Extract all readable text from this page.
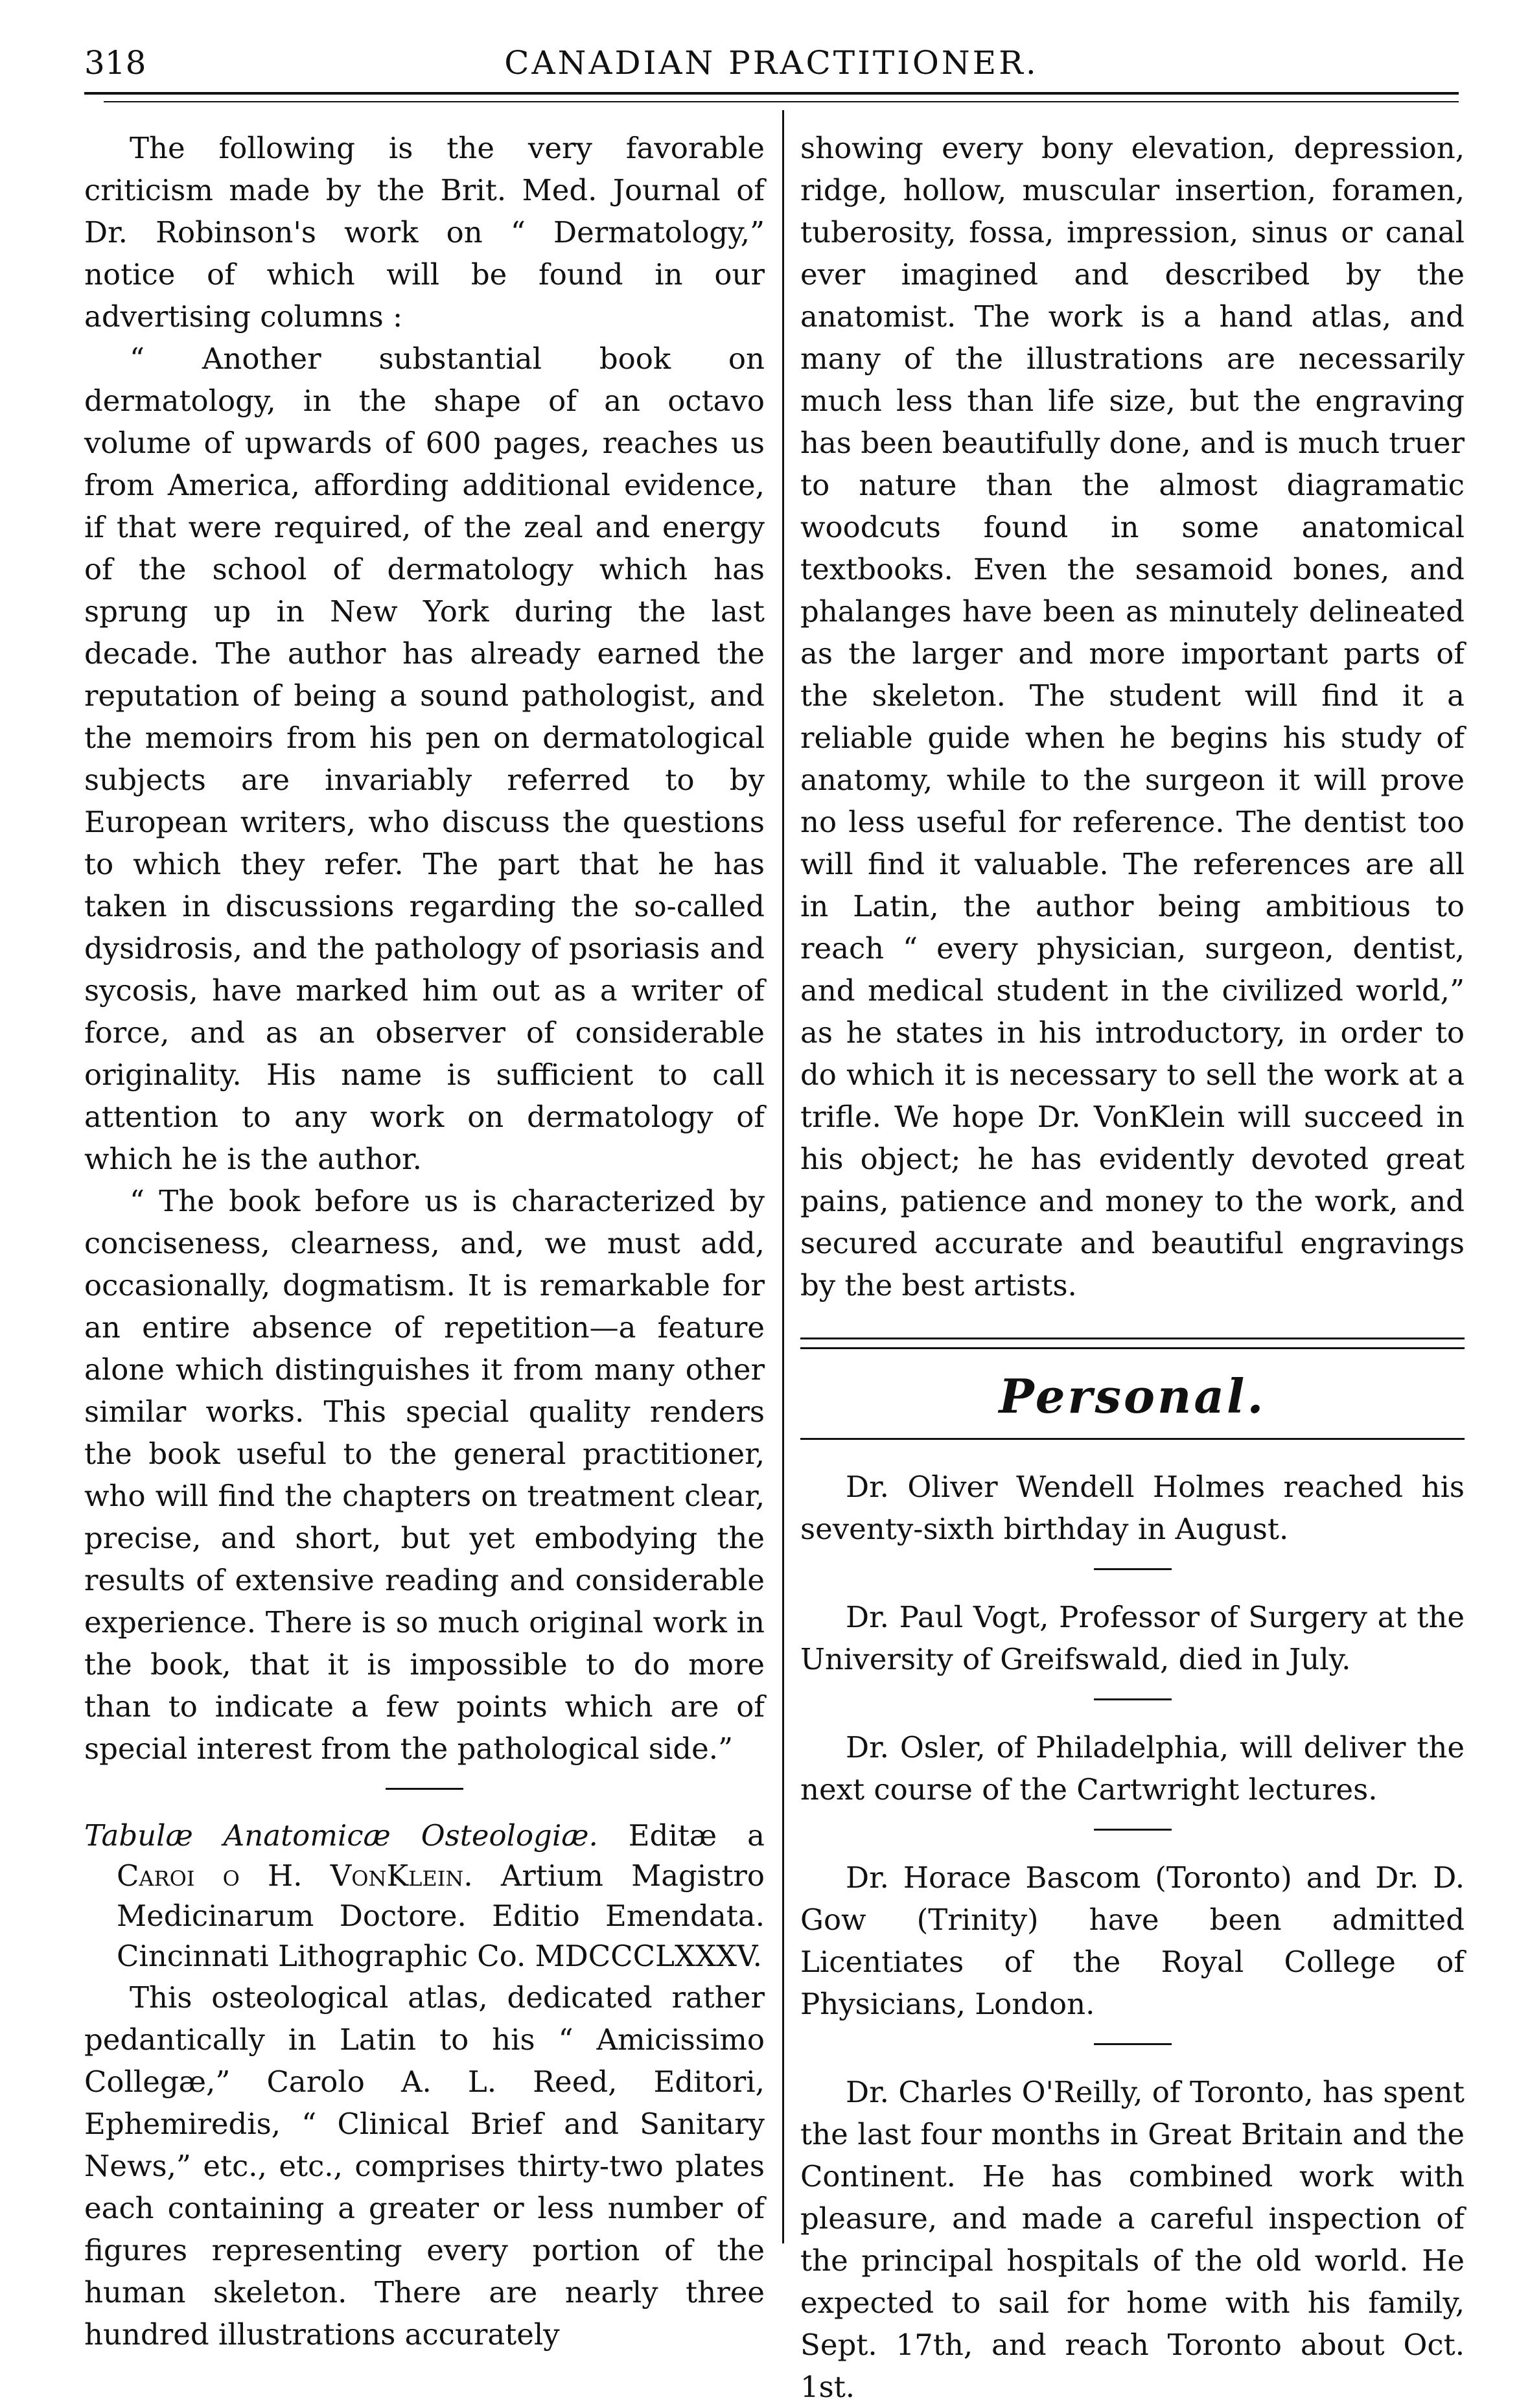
318	CANADIAN PRACTITIONER.

The following is the very favorable criticism made by the Brit. Med. Journal of Dr. Robinson's work on “ Dermatology,” notice of which will be found in our advertising columns :

“ Another substantial book on dermatology, in the shape of an octavo volume of upwards of 600 pages, reaches us from America, affording additional evidence, if that were required, of the zeal and energy of the school of dermatology which has sprung up in New York during the last decade. The author has already earned the reputation of being a sound pathologist, and the memoirs from his pen on dermatological subjects are invariably referred to by European writers, who discuss the questions to which they refer. The part that he has taken in discussions regarding the so-called dysidrosis, and the pathology of psoriasis and sycosis, have marked him out as a writer of force, and as an observer of considerable originality. His name is sufficient to call attention to any work on dermatology of which he is the author.

“ The book before us is characterized by conciseness, clearness, and, we must add, occasionally, dogmatism. It is remarkable for an entire absence of repetition—a feature alone which distinguishes it from many other similar works. This special quality renders the book useful to the general practitioner, who will find the chapters on treatment clear, precise, and short, but yet embodying the results of extensive reading and considerable experience. There is so much original work in the book, that it is impossible to do more than to indicate a few points which are of special interest from the pathological side.”

Tabulæ Anatomicæ Osteologiæ. Editæ a Caroi o H. VonKlein. Artium Magistro Medicinarum Doctore. Editio Emendata. Cincinnati Lithographic Co. MDCCCLXXXV.

This osteological atlas, dedicated rather pedantically in Latin to his “ Amicissimo Collegæ,” Carolo A. L. Reed, Editori, Ephemiredis, “ Clinical Brief and Sanitary News,” etc., etc., comprises thirty-two plates each containing a greater or less number of figures representing every portion of the human skeleton. There are nearly three hundred illustrations accurately

showing every bony elevation, depression, ridge, hollow, muscular insertion, foramen, tuberosity, fossa, impression, sinus or canal ever imagined and described by the anatomist. The work is a hand atlas, and many of the illustrations are necessarily much less than life size, but the engraving has been beautifully done, and is much truer to nature than the almost diagramatic woodcuts found in some anatomical textbooks. Even the sesamoid bones, and phalanges have been as minutely delineated as the larger and more important parts of the skeleton. The student will find it a reliable guide when he begins his study of anatomy, while to the surgeon it will prove no less useful for reference. The dentist too will find it valuable. The references are all in Latin, the author being ambitious to reach “ every physician, surgeon, dentist, and medical student in the civilized world,” as he states in his introductory, in order to do which it is necessary to sell the work at a trifle. We hope Dr. VonKlein will succeed in his object; he has evidently devoted great pains, patience and money to the work, and secured accurate and beautiful engravings by the best artists.

Personal.

Dr. Oliver Wendell Holmes reached his seventy-sixth birthday in August.

Dr. Paul Vogt, Professor of Surgery at the University of Greifswald, died in July.

Dr. Osler, of Philadelphia, will deliver the next course of the Cartwright lectures.

Dr. Horace Bascom (Toronto) and Dr. D. Gow (Trinity) have been admitted Licentiates of the Royal College of Physicians, London.

Dr. Charles O'Reilly, of Toronto, has spent the last four months in Great Britain and the Continent. He has combined work with pleasure, and made a careful inspection of the principal hospitals of the old world. He expected to sail for home with his family, Sept. 17th, and reach Toronto about Oct. 1st.
